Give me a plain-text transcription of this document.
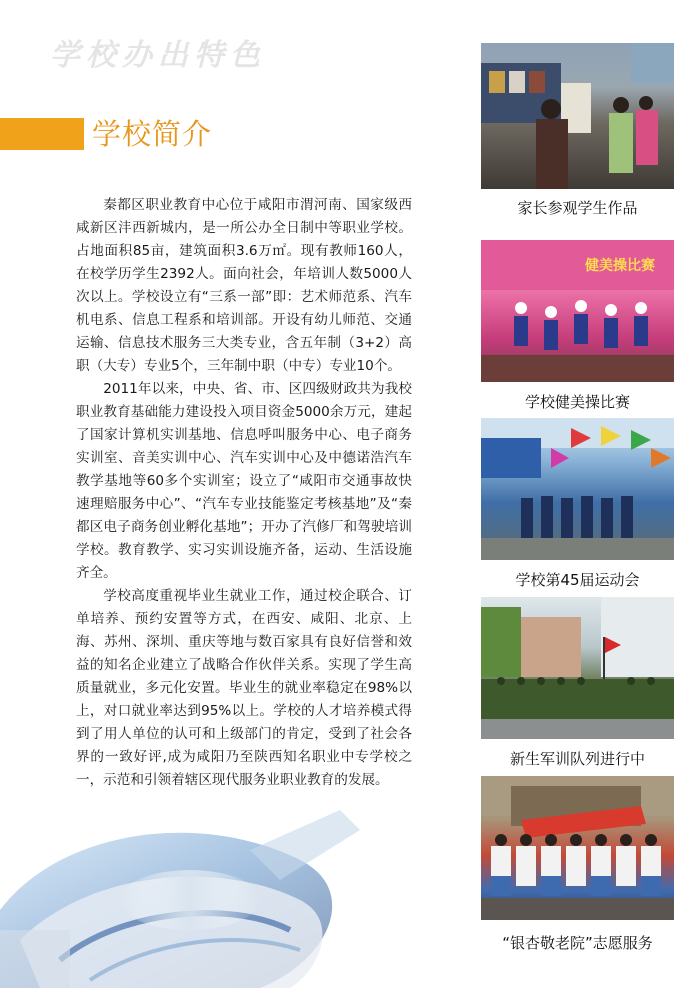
学校办出特色
学校简介

秦都区职业教育中心位于咸阳市渭河南、国家级西咸新区沣西新城内，是一所公办全日制中等职业学校。占地面积85亩，建筑面积3.6万㎡。现有教师160人，在校学历学生2392人。面向社会，年培训人数5000人次以上。学校设立有“三系一部”即：艺术师范系、汽车机电系、信息工程系和培训部。开设有幼儿师范、交通运输、信息技术服务三大类专业，含五年制（3+2）高职（大专）专业5个，三年制中职（中专）专业10个。

2011年以来，中央、省、市、区四级财政共为我校职业教育基础能力建设投入项目资金5000余万元，建起了国家计算机实训基地、信息呼叫服务中心、电子商务实训室、音美实训中心、汽车实训中心及中德诺浩汽车教学基地等60多个实训室；设立了“咸阳市交通事故快速理赔服务中心”、“汽车专业技能鉴定考核基地”及“秦都区电子商务创业孵化基地”；开办了汽修厂和驾驶培训学校。教育教学、实习实训设施齐备，运动、生活设施齐全。

学校高度重视毕业生就业工作，通过校企联合、订单培养、预约安置等方式，在西安、咸阳、北京、上海、苏州、深圳、重庆等地与数百家具有良好信誉和效益的知名企业建立了战略合作伙伴关系。实现了学生高质量就业，多元化安置。毕业生的就业率稳定在98%以上，对口就业率达到95%以上。学校的人才培养模式得到了用人单位的认可和上级部门的肯定，受到了社会各界的一致好评,成为咸阳乃至陕西知名职业中专学校之一，示范和引领着辖区现代服务业职业教育的发展。

家长参观学生作品
健美操比赛
学校健美操比赛
学校第45届运动会
新生军训队列进行中
“银杏敬老院”志愿服务
